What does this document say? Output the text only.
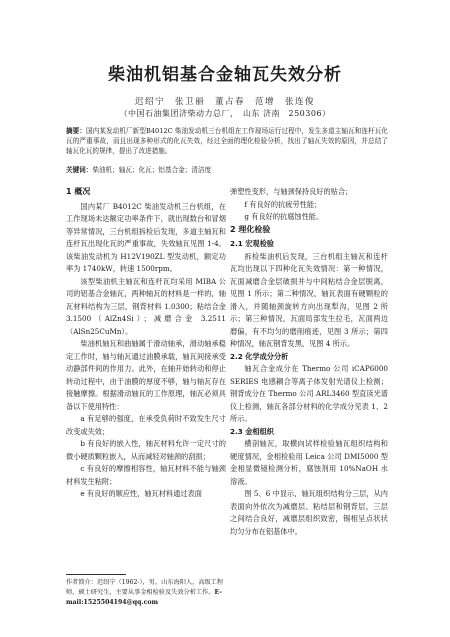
柴油机铝基合金轴瓦失效分析
迟绍宁　张卫丽　董占春　范增　张连俊
（中国石油集团济柴动力总厂，　山东 济南　250306）
摘要：国内某发动机厂新型B4012C 柴油发动机三台机组在工作现场运行过程中，发生多道主轴瓦和连杆瓦化瓦的严重事故，而且出现多种形式的化瓦失效，经过全面的理化检验分析，找出了轴瓦失效的原因，并总结了轴瓦化瓦的规律，提出了改进措施。
关键词：柴油机；轴瓦；化瓦；铝基合金；清洁度

1 概况

国内某厂 B4012C 柴油发动机三台机组，在工作现场未达额定功率条件下，就出现数台和冒烟等异常情况，三台机组拆检后发现，多道主轴瓦和连杆瓦出现化瓦的严重事故，失效轴瓦见图 1-4。该柴油发动机为 H12V190ZL 型发动机，额定功率为 1740kW，转速 1500rpm。

该型柴油机主轴瓦和连杆瓦均采用 MIBA 公司的铝基合金轴瓦，两种轴瓦的材料是一样的，轴瓦材料结构为三层，钢背材料 1.0300；粘结合金 3.1500（AlZn4Si）；减磨合金 3.2511（AlSn25CuMn）。

柴油机轴瓦和曲轴属于滑动轴承，滑动轴承稳定工作时，轴与轴瓦通过油膜承载，轴瓦间接承受动静部件间的作用力。此外，在轴开始转动和停止转动过程中，由于油膜的厚度不够，轴与轴瓦存在接触摩擦。根据滑动轴瓦的工作原理，轴瓦必须具备以下使用特性：

a 有足够的强度，在承受负荷时不致发生尺寸改变或失效；

b 有良好的嵌入性，轴瓦材料允许一定尺寸的微小硬质颗粒嵌入，从而减轻对轴颈的刮损；

c 有良好的摩擦相容性，轴瓦材料不能与轴颈材料发生粘附；

e 有良好的顺应性，轴瓦材料通过表面

弹塑性变形，与轴颈保持良好的贴合；

f 有良好的抗疲劳性能；

g 有良好的抗腐蚀性能。

2 理化检验

2.1 宏观检验

拆检柴油机后发现，三台机组主轴瓦和连杆瓦均出现以下四种化瓦失效情况：第一种情况，瓦面减磨合金层破损并与中间粘结合金层脱离，见图 1 所示；第二种情况，轴瓦表面有硬颗粒的滑入，并随轴颈旋转方向出现犁沟，见图 2 所示；第三种情况，瓦面局部发生拉毛，瓦面两边磨偏，有不均匀的磨削痕迹，见图 3 所示；第四种情况，轴瓦钢背发黑，见图 4 所示。

2.2 化学成分分析

轴瓦合金成分在 Thermo 公司 iCAP6000 SERIES 电感耦合等离子体发射光谱仪上检测；钢背成分在 Thermo 公司 ARL3460 型直读光谱仪上检测，轴瓦各部分材料的化学成分见表 1、2 所示。

2.3 金相组织

横剖轴瓦，取横向试样检验轴瓦组织结构和硬度情况，金相检验用 Leica 公司 DMI5000 型金相显微镜检测分析，腐蚀剂用 10%NaOH 水溶液。

图 5、6 中显示，轴瓦组织结构分三层，从内表面向外依次为减磨层、粘结层和钢背层，三层之间结合良好，减磨层组织致密，锡相呈点状状均匀分布在铝基体中。

作者简介：迟绍宁（1962-），男，山东海阳人，高级工程师，硕士研究生，主要从事金相检验及失效分析工作。E-mail:1525504194@qq.com
